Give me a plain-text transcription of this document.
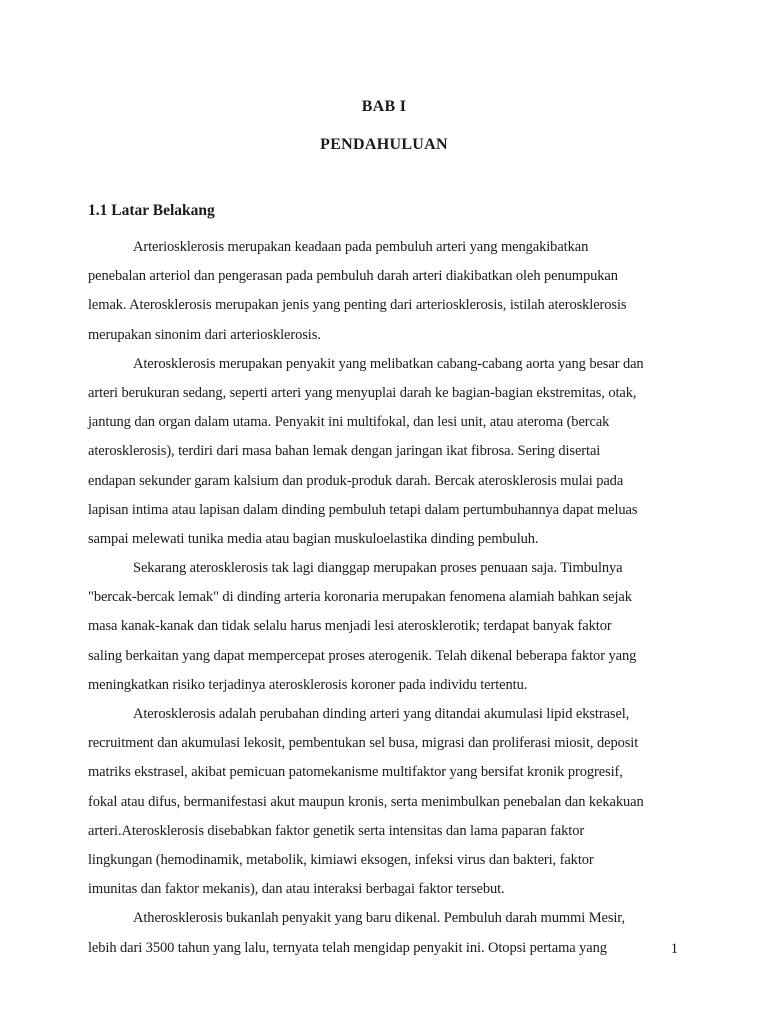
BAB I
PENDAHULUAN
1.1 Latar Belakang
Arteriosklerosis merupakan keadaan pada pembuluh arteri yang mengakibatkan
penebalan arteriol dan pengerasan pada pembuluh darah arteri diakibatkan oleh penumpukan
lemak. Aterosklerosis merupakan jenis yang penting dari arteriosklerosis, istilah aterosklerosis
merupakan sinonim dari arteriosklerosis.
Aterosklerosis merupakan penyakit yang melibatkan cabang-cabang aorta yang besar dan
arteri berukuran sedang, seperti arteri yang menyuplai darah ke bagian-bagian ekstremitas, otak,
jantung dan organ dalam utama. Penyakit ini multifokal, dan lesi unit, atau ateroma (bercak
aterosklerosis), terdiri dari masa bahan lemak dengan jaringan ikat fibrosa. Sering disertai
endapan sekunder garam kalsium dan produk-produk darah. Bercak aterosklerosis mulai pada
lapisan intima atau lapisan dalam dinding pembuluh tetapi dalam pertumbuhannya dapat meluas
sampai melewati tunika media atau bagian muskuloelastika dinding pembuluh.
Sekarang aterosklerosis tak lagi dianggap merupakan proses penuaan saja. Timbulnya
"bercak-bercak lemak" di dinding arteria koronaria merupakan fenomena alamiah bahkan sejak
masa kanak-kanak dan tidak selalu harus menjadi lesi aterosklerotik; terdapat banyak faktor
saling berkaitan yang dapat mempercepat proses aterogenik. Telah dikenal beberapa faktor yang
meningkatkan risiko terjadinya aterosklerosis koroner pada individu tertentu.
Aterosklerosis adalah perubahan dinding arteri yang ditandai akumulasi lipid ekstrasel,
recruitment dan akumulasi lekosit, pembentukan sel busa, migrasi dan proliferasi miosit, deposit
matriks ekstrasel, akibat pemicuan patomekanisme multifaktor yang bersifat kronik progresif,
fokal atau difus, bermanifestasi akut maupun kronis, serta menimbulkan penebalan dan kekakuan
arteri.Aterosklerosis disebabkan faktor genetik serta intensitas dan lama paparan faktor
lingkungan (hemodinamik, metabolik, kimiawi eksogen, infeksi virus dan bakteri, faktor
imunitas dan faktor mekanis), dan atau interaksi berbagai faktor tersebut.
Atherosklerosis bukanlah penyakit yang baru dikenal. Pembuluh darah mummi Mesir,
lebih dari 3500 tahun yang lalu, ternyata telah mengidap penyakit ini. Otopsi pertama yang	1
